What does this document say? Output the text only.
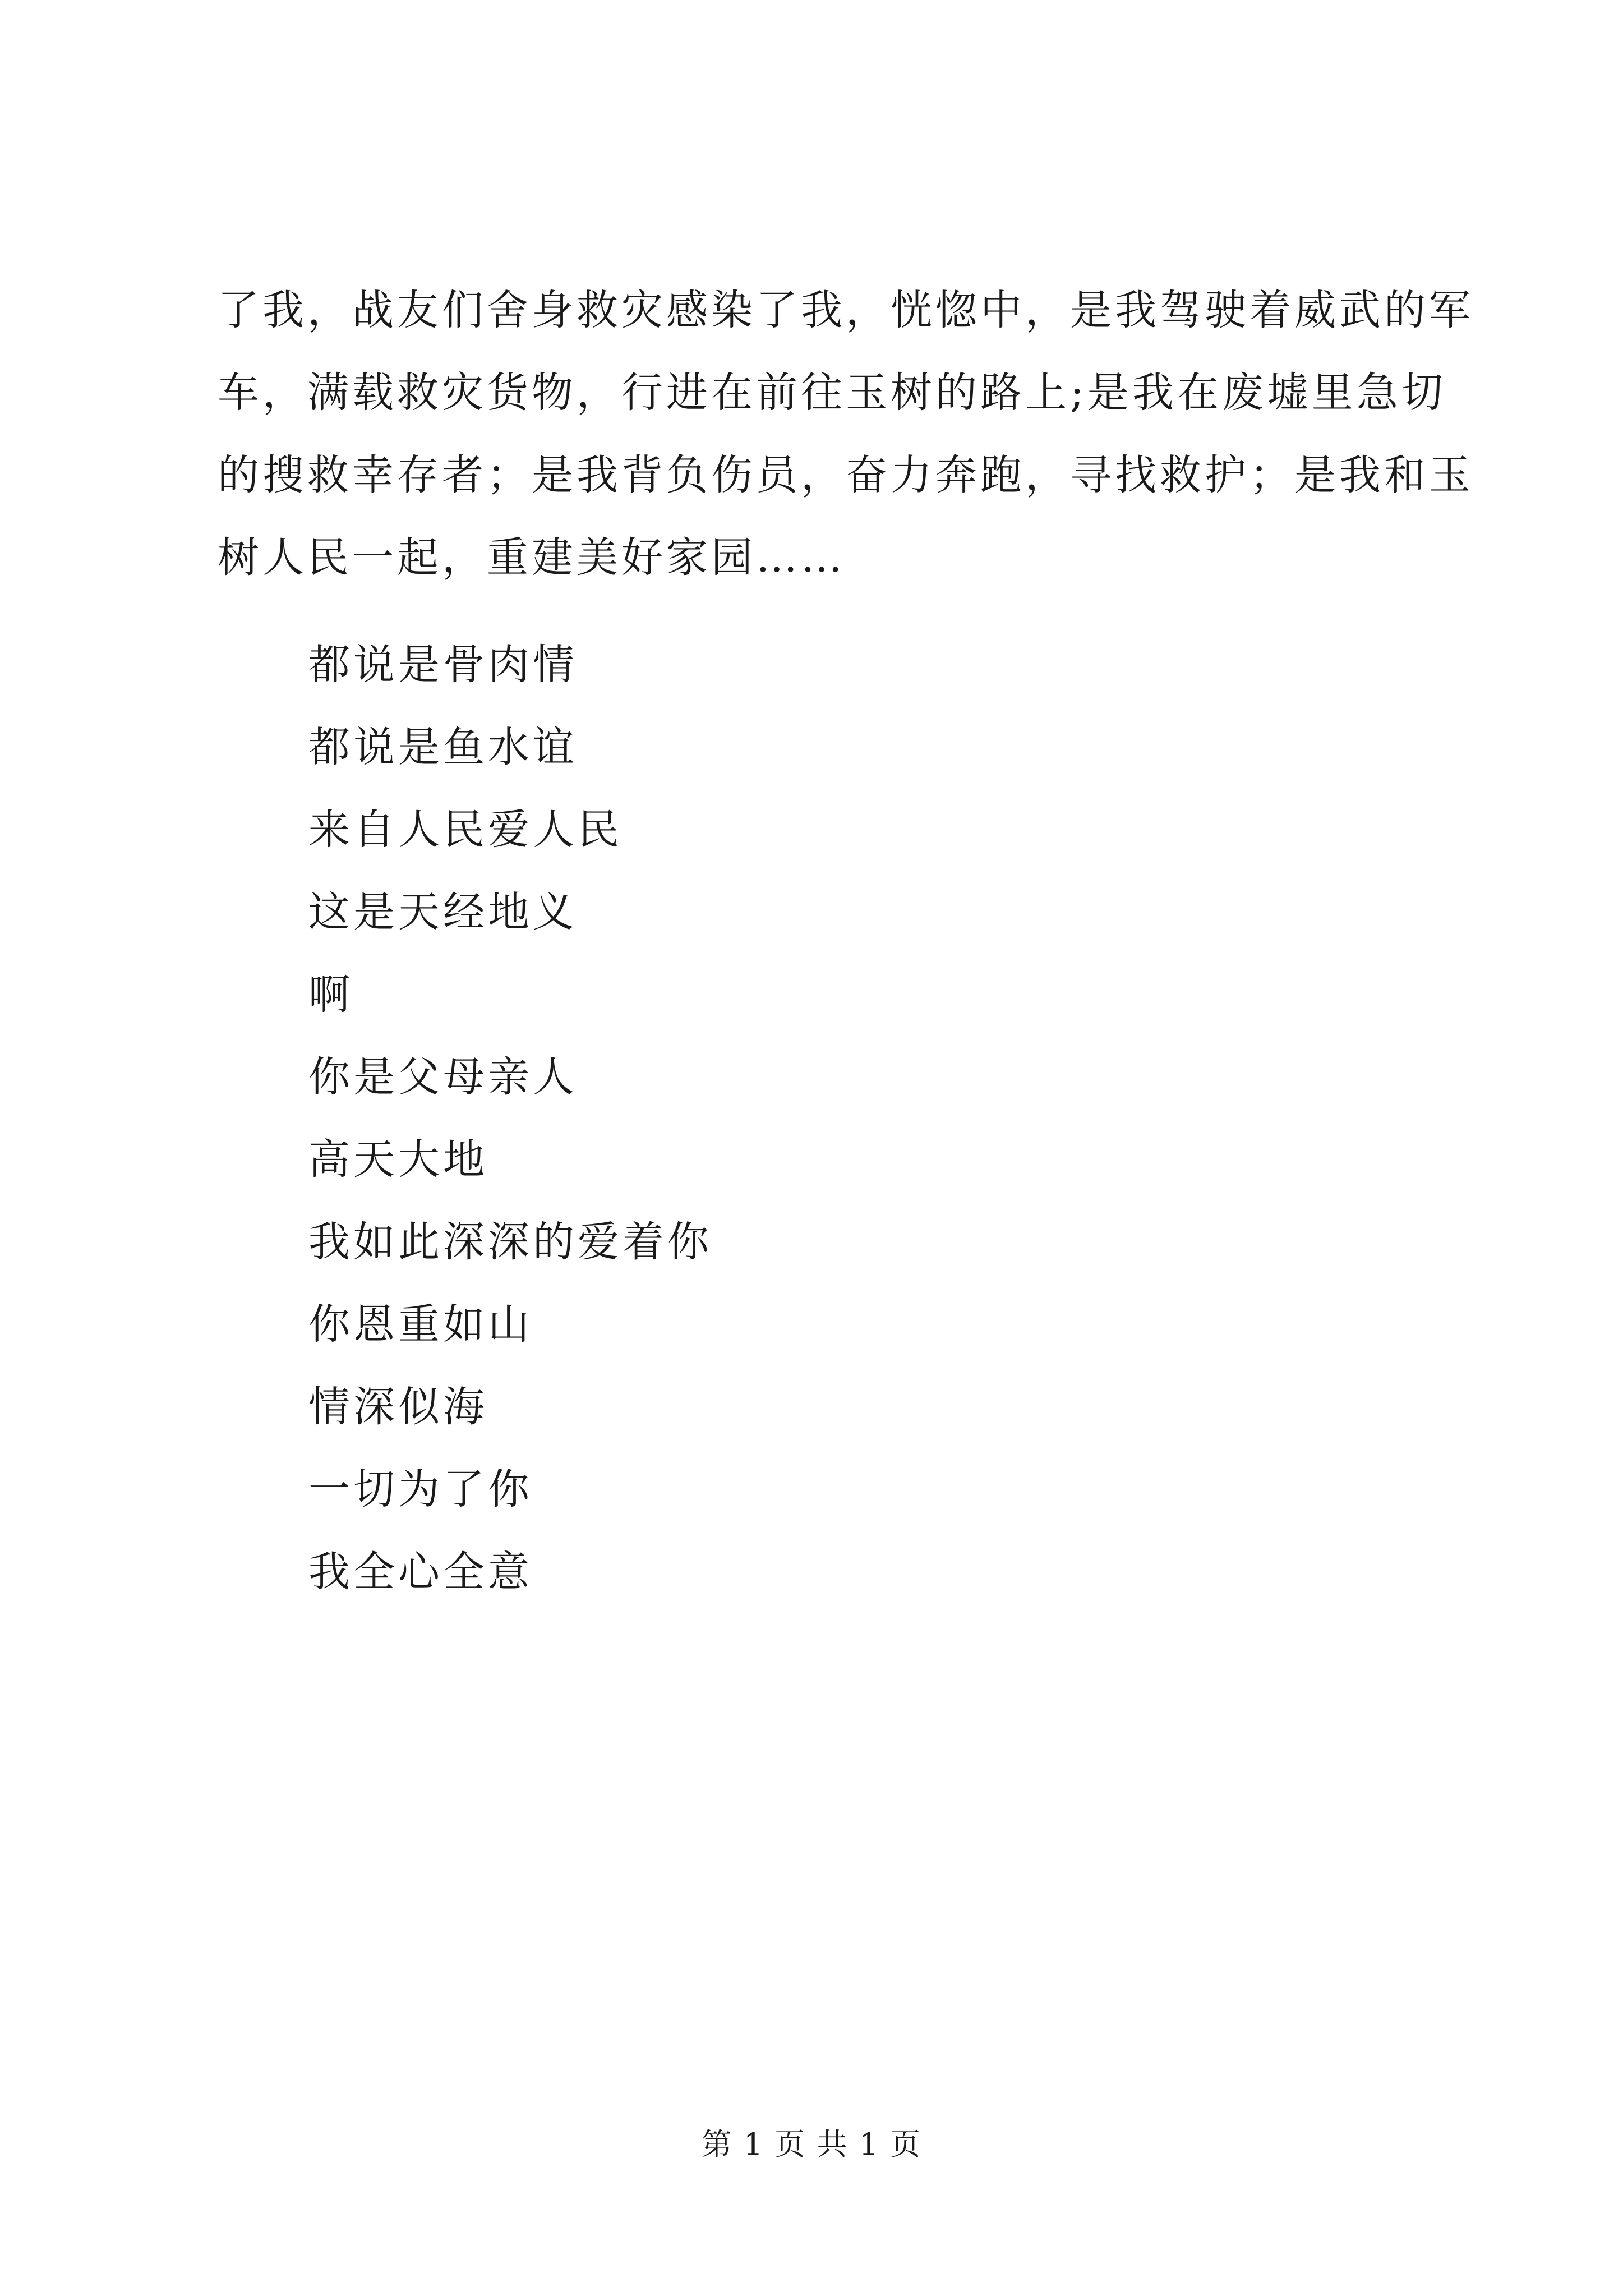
了我，战友们舍身救灾感染了我，恍惚中，是我驾驶着威武的军
车，满载救灾货物，行进在前往玉树的路上;是我在废墟里急切
的搜救幸存者；是我背负伤员，奋力奔跑，寻找救护；是我和玉
树人民一起，重建美好家园……
都说是骨肉情
都说是鱼水谊
来自人民爱人民
这是天经地义
啊
你是父母亲人
高天大地
我如此深深的爱着你
你恩重如山
情深似海
一切为了你
我全心全意
第 1 页 共 1 页
